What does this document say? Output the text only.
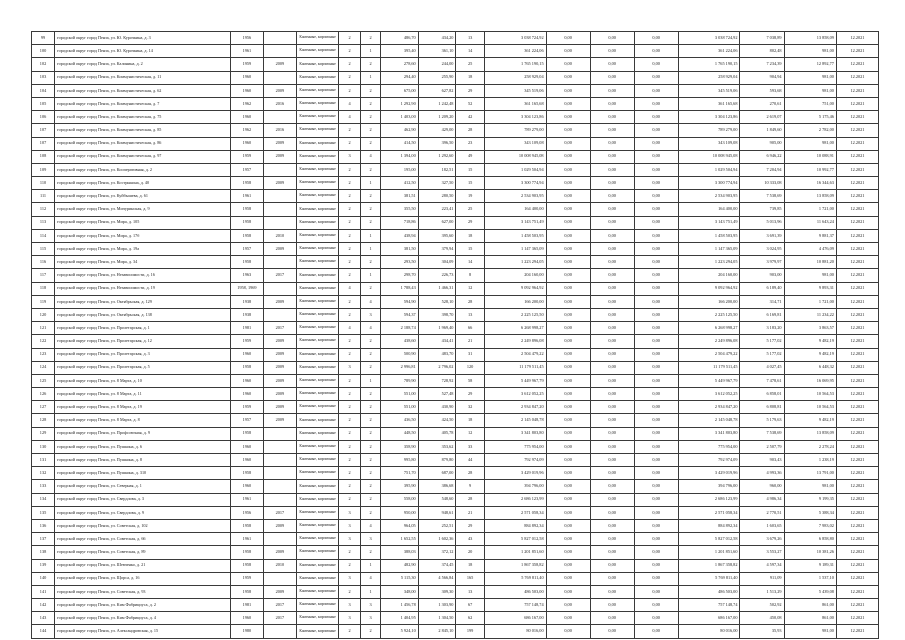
99	городской округ город Пенза, ул. Ю. Курочкина, д. 3	1956		Каменные, кирпичные	2	2	486,70	434,20	13	3 038 724,92	0,00	0,00	0,00	3 038 724,92	7 038,89	13 858,09	12.2021
100	городской округ город Пенза, ул. Ю. Курочкина, д. 14	1961		Каменные, кирпичные	2	1	395,40	361,10	14	361 224,06	0,00	0,00	0,00	361 224,06	802,48	981,00	12.2021
102	городской округ город Пенза, ул. Калинина, д. 2	1959	2009	Каменные, кирпичные	2	2	278,60	244,00	25	1 765 190,15	0,00	0,00	0,00	1 765 190,15	7 234,39	12 892,77	12.2021
103	городской округ город Пенза, ул. Коммунистическая, д. 11	1960		Каменные, кирпичные	2	1	294,40	255,90	18	258 929,04	0,00	0,00	0,00	258 929,04	904,94	981,00	12.2021
104	городской округ город Пенза, ул. Коммунистическая, д. 62	1960	2009	Каменные, кирпичные	2	2	675,00	627,82	29	345 519,06	0,00	0,00	0,00	345 519,06	593,68	981,00	12.2021
105	городской округ город Пенза, ул. Коммунистическая, д. 7	1962	2016	Каменные, кирпичные	4	2	1 292,90	1 242,48	52	361 165,68	0,00	0,00	0,00	361 165,68	270,61	751,00	12.2021
106	городской округ город Пенза, ул. Коммунистическая, д. 75	1960		Каменные, кирпичные	4	2	1 403,00	1 209,20	42	3 304 123,86	0,00	0,00	0,00	3 304 123,86	2 619,07	5 175,46	12.2021
107	городской округ город Пенза, ул. Коммунистическая, д. 85	1962	2016	Каменные, кирпичные	2	2	462,90	429,00	28	789 279,00	0,00	0,00	0,00	789 279,00	1 849,60	2 782,00	12.2021
107	городской округ город Пенза, ул. Коммунистическая, д. 86	1960	2009	Каменные, кирпичные	2	2	414,50	396,50	23	343 109,08	0,00	0,00	0,00	343 109,08	905,00	981,00	12.2021
108	городской округ город Пенза, ул. Коммунистическая, д. 97	1959	2009	Каменные, кирпичные	3	4	1 394,00	1 292,60	49	10 008 945,08	0,00	0,00	0,00	10 008 945,08	6 946,22	10 088,91	12.2021
109	городской округ город Пенза, ул. Кооперативная, д. 2	1957		Каменные, кирпичные	2	2	195,00	182,51	15	1 029 504,94	0,00	0,00	0,00	1 029 504,94	7 204,94	10 992,77	12.2021
110	городской округ город Пенза, ул. Кострыкина, д. 40	1958	2009	Каменные, кирпичные	2	1	412,50	327,50	15	3 300 774,94	0,00	0,00	0,00	3 300 774,94	10 333,08	16 344,63	12.2021
111	городской округ город Пенза, ул. Куйбышева, д. 61	1961		Каменные, кирпичные	2	2	381,51	280,50	19	2 534 903,95	0,00	0,00	0,00	2 534 903,95	7 538,69	13 858,09	12.2021
112	городской округ город Пенза, ул. Мичуринская, д. 9	1958		Каменные, кирпичные	2	2	355,50	223,41	25	164 400,00	0,00	0,00	0,00	164 400,00	739,85	1 721,00	12.2021
113	городской округ город Пенза, ул. Мира, д. 105	1958		Каменные, кирпичные	2	2	718,86	627,00	29	3 143 751,49	0,00	0,00	0,00	3 143 751,49	5 013,96	11 643,24	12.2021
114	городской округ город Пенза, ул. Мира, д. 17б	1958	2010	Каменные, кирпичные	2	1	438,94	395,60	18	1 458 503,95	0,00	0,00	0,00	1 458 503,95	3 691,39	9 881,37	12.2021
115	городской округ город Пенза, ул. Мира, д. 19а	1957	2009	Каменные, кирпичные	2	1	381,50	379,94	15	1 147 365,09	0,00	0,00	0,00	1 147 365,09	3 024,95	4 476,09	12.2021
116	городской округ город Пенза, ул. Мира, д. 34	1958		Каменные, кирпичные	2	2	293,50	304,09	14	1 223 294,05	0,00	0,00	0,00	1 223 294,05	3 979,97	10 881,20	12.2021
117	городской округ город Пенза, ул. Независимости, д. 16	1963	2017	Каменные, кирпичные	2	1	298,70	226,73	8	204 160,00	0,00	0,00	0,00	204 160,00	903,00	981,00	12.2021
118	городской округ город Пенза, ул. Независимости, д. 19	1958, 1969		Каменные, кирпичные	4	2	1 788,43	1 466,31	12	9 092 964,92	0,00	0,00	0,00	9 092 964,92	6 189,40	9 893,31	12.2021
119	городской округ город Пенза, ул. Октябрьская, д. 129	1938	2009	Каменные, кирпичные	2	4	594,90	528,10	28	166 200,00	0,00	0,00	0,00	166 200,00	314,71	1 721,00	12.2021
120	городской округ город Пенза, ул. Октябрьская, д. 138	1938		Каменные, кирпичные	2	3	594,37	398,70	13	2 225 125,50	0,00	0,00	0,00	2 225 125,50	6 169,81	11 234,22	12.2021
121	городской округ город Пенза, ул. Пролетарская, д. 1	1981	2017	Каменные, кирпичные	4	4	2 188,74	1 969,40	66	6 268 998,27	0,00	0,00	0,00	6 268 998,27	3 183,20	3 863,57	12.2021
122	городской округ город Пенза, ул. Пролетарская, д. 12	1959	2009	Каменные, кирпичные	2	2	438,60	434,41	21	2 249 896,08	0,00	0,00	0,00	2 249 896,08	5 177,02	9 482,19	12.2021
123	городской округ город Пенза, ул. Пролетарская, д. 3	1960	2009	Каменные, кирпичные	2	2	500,90	483,70	31	2 504 479,22	0,00	0,00	0,00	2 504 479,22	5 177,02	9 482,19	12.2021
124	городской округ город Пенза, ул. Пролетарская, д. 5	1958	2009	Каменные, кирпичные	3	2	2 996,81	2 796,02	120	11 179 511,45	0,00	0,00	0,00	11 179 511,45	4 027,45	6 448,32	12.2021
125	городской округ город Пенза, ул. 8 Марта, д. 10	1960	2009	Каменные, кирпичные	2	1	789,90	728,92	58	5 449 967,79	0,00	0,00	0,00	5 449 967,79	7 478,61	16 069,95	12.2021
126	городской округ город Пенза, ул. 8 Марта, д. 11	1960	2009	Каменные, кирпичные	2	2	551,00	527,48	29	3 612 052,25	0,00	0,00	0,00	3 612 052,25	6 858,01	10 564,53	12.2021
127	городской округ город Пенза, ул. 8 Марта, д. 19	1959	2009	Каменные, кирпичные	2	2	551,00	430,90	32	2 934 847,20	0,00	0,00	0,00	2 934 847,20	6 808,81	10 564,53	12.2021
128	городской округ город Пенза, ул. 8 Марта, д. 8	1957	2009	Каменные, кирпичные	2	2	436,50	424,50	18	2 145 048,78	0,00	0,00	0,00	2 145 048,78	5 179,63	9 482,19	12.2021
129	городской округ город Пенза, ул. Профсоюзная, д. 9	1958		Каменные, кирпичные	2	2	448,50	405,78	12	3 341 803,80	0,00	0,00	0,00	3 341 803,80	7 538,69	13 858,09	12.2021
130	городской округ город Пенза, ул. Пушкина, д. 6	1960		Каменные, кирпичные	2	2	358,90	353,62	33	775 954,00	0,00	0,00	0,00	775 954,00	2 507,79	2 278,24	12.2021
131	городской округ город Пенза, ул. Пушкина, д. 8	1960		Каменные, кирпичные	2	2	995,80	879,80	44	792 974,09	0,00	0,00	0,00	792 974,09	903,43	1 238,19	12.2021
132	городской округ город Пенза, ул. Пушкина, д. 310	1958		Каменные, кирпичные	2	2	751,70	687,00	28	3 429 019,96	0,00	0,00	0,00	3 429 019,96	4 993,36	13 791,00	12.2021
133	городской округ город Пенза, ул. Северная, д. 1	1960		Каменные, кирпичные	2	2	395,90	386,68	9	394 796,00	0,00	0,00	0,00	394 796,00	960,00	981,00	12.2021
134	городской округ город Пенза, ул. Свердлова, д. 3	1961		Каменные, кирпичные	2	2	558,00	548,60	28	2 686 123,99	0,00	0,00	0,00	2 686 123,99	4 986,34	9 199,35	12.2021
135	городской округ город Пенза, ул. Свердлова, д. 9	1956	2017	Каменные, кирпичные	3	2	950,00	948,61	21	2 571 058,34	0,00	0,00	0,00	2 571 058,34	2 770,51	5 388,34	12.2021
136	городской округ город Пенза, ул. Советская, д. 102	1958	2009	Каменные, кирпичные	3	4	964,05	252,51	29	884 892,34	0,00	0,00	0,00	884 892,34	1 603,65	7 983,02	12.2021
137	городской округ город Пенза, ул. Советская, д. 66	1961		Каменные, кирпичные	3	3	1 652,55	1 602,36	43	5 827 012,58	0,00	0,00	0,00	5 827 012,58	3 679,26	6 858,80	12.2021
138	городской округ город Пенза, ул. Советская, д. 89	1958	2009	Каменные, кирпичные	2	2	388,03	372,12	20	1 201 851,60	0,00	0,00	0,00	1 201 851,60	3 553,27	10 381,26	12.2021
139	городской округ город Пенза, ул. Шевченко, д. 21	1958	2010	Каменные, кирпичные	2	1	482,90	374,45	18	1 867 358,82	0,00	0,00	0,00	1 867 358,82	4 597,34	9 189,31	12.2021
140	городской округ город Пенза, ул. Щорса, д. 16	1959		Каменные, кирпичные	3	4	5 115,30	4 566,84	165	5 769 811,40	0,00	0,00	0,00	5 769 811,40	911,09	1 537,10	12.2021
141	городской округ город Пенза, ул. Советская, д. 93	1958	2009	Каменные, кирпичные	2	1	348,00	309,30	13	486 503,00	0,00	0,00	0,00	486 503,00	1 513,29	5 439,08	12.2021
142	городской округ город Пенза, ул. Ким Фабрициуса, д. 2	1981	2017	Каменные, кирпичные	3	3	1 456,78	1 303,90	67	757 148,74	0,00	0,00	0,00	757 148,74	502,92	861,00	12.2021
143	городской округ город Пенза, ул. Ким Фабрициуса, д. 4	1960	2017	Каменные, кирпичные	3	3	1 404,95	1 304,50	62	686 167,00	0,00	0,00	0,00	686 167,00	450,08	861,00	12.2021
144	городской округ город Пенза, ул. Александровская, д. 15	1980		Каменные, кирпичные	2	2	5 924,10	2 845,10	199	80 016,00	0,00	0,00	0,00	80 016,00	35,93	981,00	12.2021
